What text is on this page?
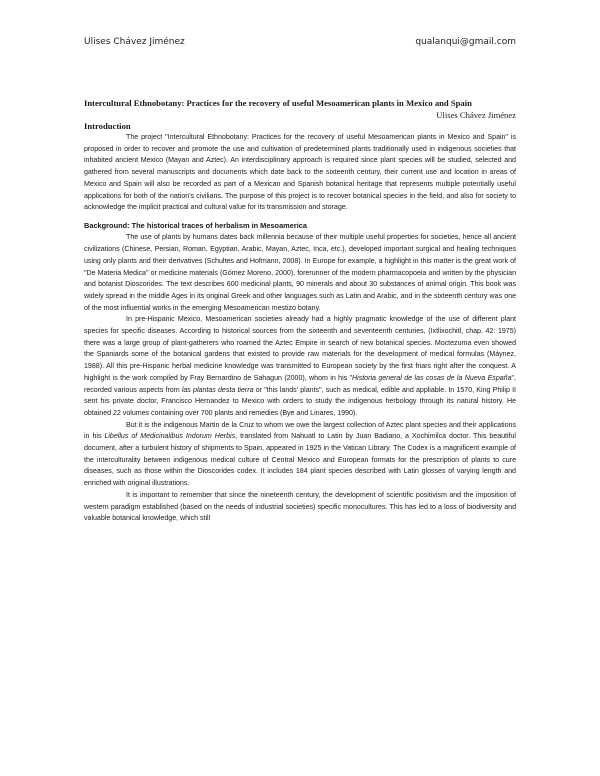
Ulises Chávez Jiménez	qualanqui@gmail.com

Intercultural Ethnobotany: Practices for the recovery of useful Mesoamerican plants in Mexico and Spain

Ulises Chávez Jiménez

Introduction

The project "Intercultural Ethnobotany: Practices for the recovery of useful Mesoamerican plants in Mexico and Spain" is proposed in order to recover and promote the use and cultivation of predetermined plants traditionally used in indigenous societies that inhabited ancient Mexico (Mayan and Aztec). An interdisciplinary approach is required since plant species will be studied, selected and gathered from several manuscripts and documents which date back to the sixteenth century, their current use and location in areas of Mexico and Spain will also be recorded as part of a Mexican and Spanish botanical heritage that represents multiple potentially useful applications for both of the nation's civilians. The purpose of this project is to recover botanical species in the field, and also for society to acknowledge the implicit practical and cultural value for its transmission and storage.

Background: The historical traces of herbalism in Mesoamerica

The use of plants by humans dates back millennia because of their multiple useful properties for societies, hence all ancient civilizations (Chinese, Persian, Roman, Egyptian, Arabic, Mayan, Aztec, Inca, etc.), developed important surgical and healing techniques using only plants and their derivatives (Schultes and Hofmann, 2008). In Europe for example, a highlight in this matter is the great work of "De Materia Medica" or medicine materials (Gómez Moreno, 2000), forerunner of the modern pharmacopoeia and written by the physician and botanist Dioscorides. The text describes 600 medicinal plants, 90 minerals and about 30 substances of animal origin. This book was widely spread in the middle Ages in its original Greek and other languages such as Latin and Arabic, and in the sixteenth century was one of the most influential works in the emerging Mesoamerican mestizo botany.

In pre-Hispanic Mexico, Mesoamerican societies already had a highly pragmatic knowledge of the use of different plant species for specific diseases. According to historical sources from the sixteenth and seventeenth centuries, (Ixtlixochitl, chap. 42: 1975) there was a large group of plant-gatherers who roamed the Aztec Empire in search of new botanical species. Moctezuma even showed the Spaniards some of the botanical gardens that existed to provide raw materials for the development of medical formulas (Máynez, 1988). All this pre-Hispanic herbal medicine knowledge was transmitted to European society by the first friars right after the conquest. A highlight is the work compiled by Fray Bernardino de Sahagun (2000), whom in his "Historia general de las cosas de la Nueva España", recorded various aspects from las plantas desta tierra or "this lands' plants", such as medical, edible and appliable. In 1570, King Philip II sent his private doctor, Francisco Hernandez to Mexico with orders to study the indigenous herbology through its natural history. He obtained 22 volumes containing over 700 plants and remedies (Bye and Linares, 1990).

But it is the indigenous Martin de la Cruz to whom we owe the largest collection of Aztec plant species and their applications in his Libellus of Medicinalibus Indorum Herbis, translated from Nahuatl to Latin by Juan Badiano, a Xochimilca doctor. This beautiful document, after a turbulent history of shipments to Spain, appeared in 1925 in the Vatican Library. The Codex is a magnificent example of the interculturality between indigenous medical culture of Central Mexico and European formats for the prescription of plants to cure diseases, such as those within the Dioscorides codex. It includes 184 plant species described with Latin glosses of varying length and enriched with original illustrations.

It is important to remember that since the nineteenth century, the development of scientific positivism and the imposition of western paradigm established (based on the needs of industrial societies) specific monocultures. This has led to a loss of biodiversity and valuable botanical knowledge, which still
